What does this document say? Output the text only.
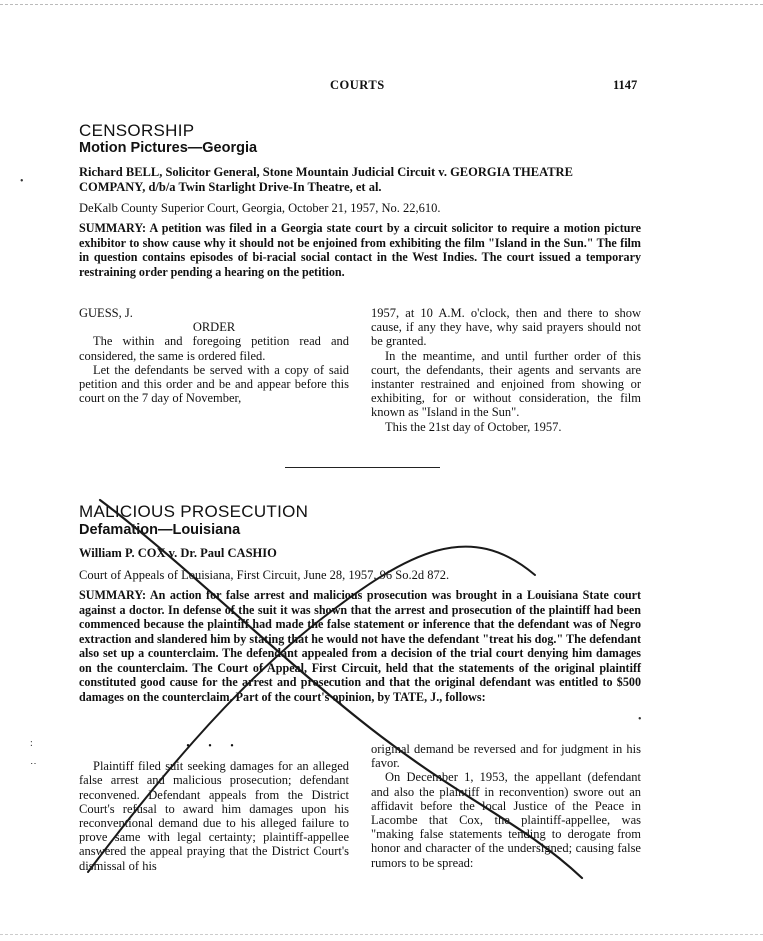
COURTS	1147
CENSORSHIP
Motion Pictures—Georgia
Richard BELL, Solicitor General, Stone Mountain Judicial Circuit v. GEORGIA THEATRE COMPANY, d/b/a Twin Starlight Drive-In Theatre, et al.
DeKalb County Superior Court, Georgia, October 21, 1957, No. 22,610.
SUMMARY: A petition was filed in a Georgia state court by a circuit solicitor to require a motion picture exhibitor to show cause why it should not be enjoined from exhibiting the film "Island in the Sun." The film in question contains episodes of bi-racial social contact in the West Indies. The court issued a temporary restraining order pending a hearing on the petition.

GUESS, J.

ORDER

The within and foregoing petition read and considered, the same is ordered filed.

Let the defendants be served with a copy of said petition and this order and be and appear before this court on the 7 day of November,

1957, at 10 A.M. o'clock, then and there to show cause, if any they have, why said prayers should not be granted.

In the meantime, and until further order of this court, the defendants, their agents and servants are instanter restrained and enjoined from showing or exhibiting, for or without consideration, the film known as "Island in the Sun".

This the 21st day of October, 1957.

MALICIOUS PROSECUTION
Defamation—Louisiana
William P. COX v. Dr. Paul CASHIO
Court of Appeals of Louisiana, First Circuit, June 28, 1957, 96 So.2d 872.
SUMMARY: An action for false arrest and malicious prosecution was brought in a Louisiana State court against a doctor. In defense of the suit it was shown that the arrest and prosecution of the plaintiff had been commenced because the plaintiff had made the false statement or inference that the defendant was of Negro extraction and slandered him by stating that he would not have the defendant "treat his dog." The defendant also set up a counterclaim. The defendant appealed from a decision of the trial court denying him damages on the counterclaim. The Court of Appeal, First Circuit, held that the statements of the original plaintiff constituted good cause for the arrest and prosecution and that the original defendant was entitled to $500 damages on the counterclaim. Part of the court's opinion, by TATE, J., follows:
• • •

Plaintiff filed suit seeking damages for an alleged false arrest and malicious prosecution; defendant reconvened. Defendant appeals from the District Court's refusal to award him damages upon his reconventional demand due to his alleged failure to prove same with legal certainty; plaintiff-appellee answered the appeal praying that the District Court's dismissal of his

original demand be reversed and for judgment in his favor.

On December 1, 1953, the appellant (defendant and also the plaintiff in reconvention) swore out an affidavit before the local Justice of the Peace in Lacombe that Cox, the plaintiff-appellee, was "making false statements tending to derogate from honor and character of the undersigned; causing false rumors to be spread:

•
:
‥
•
